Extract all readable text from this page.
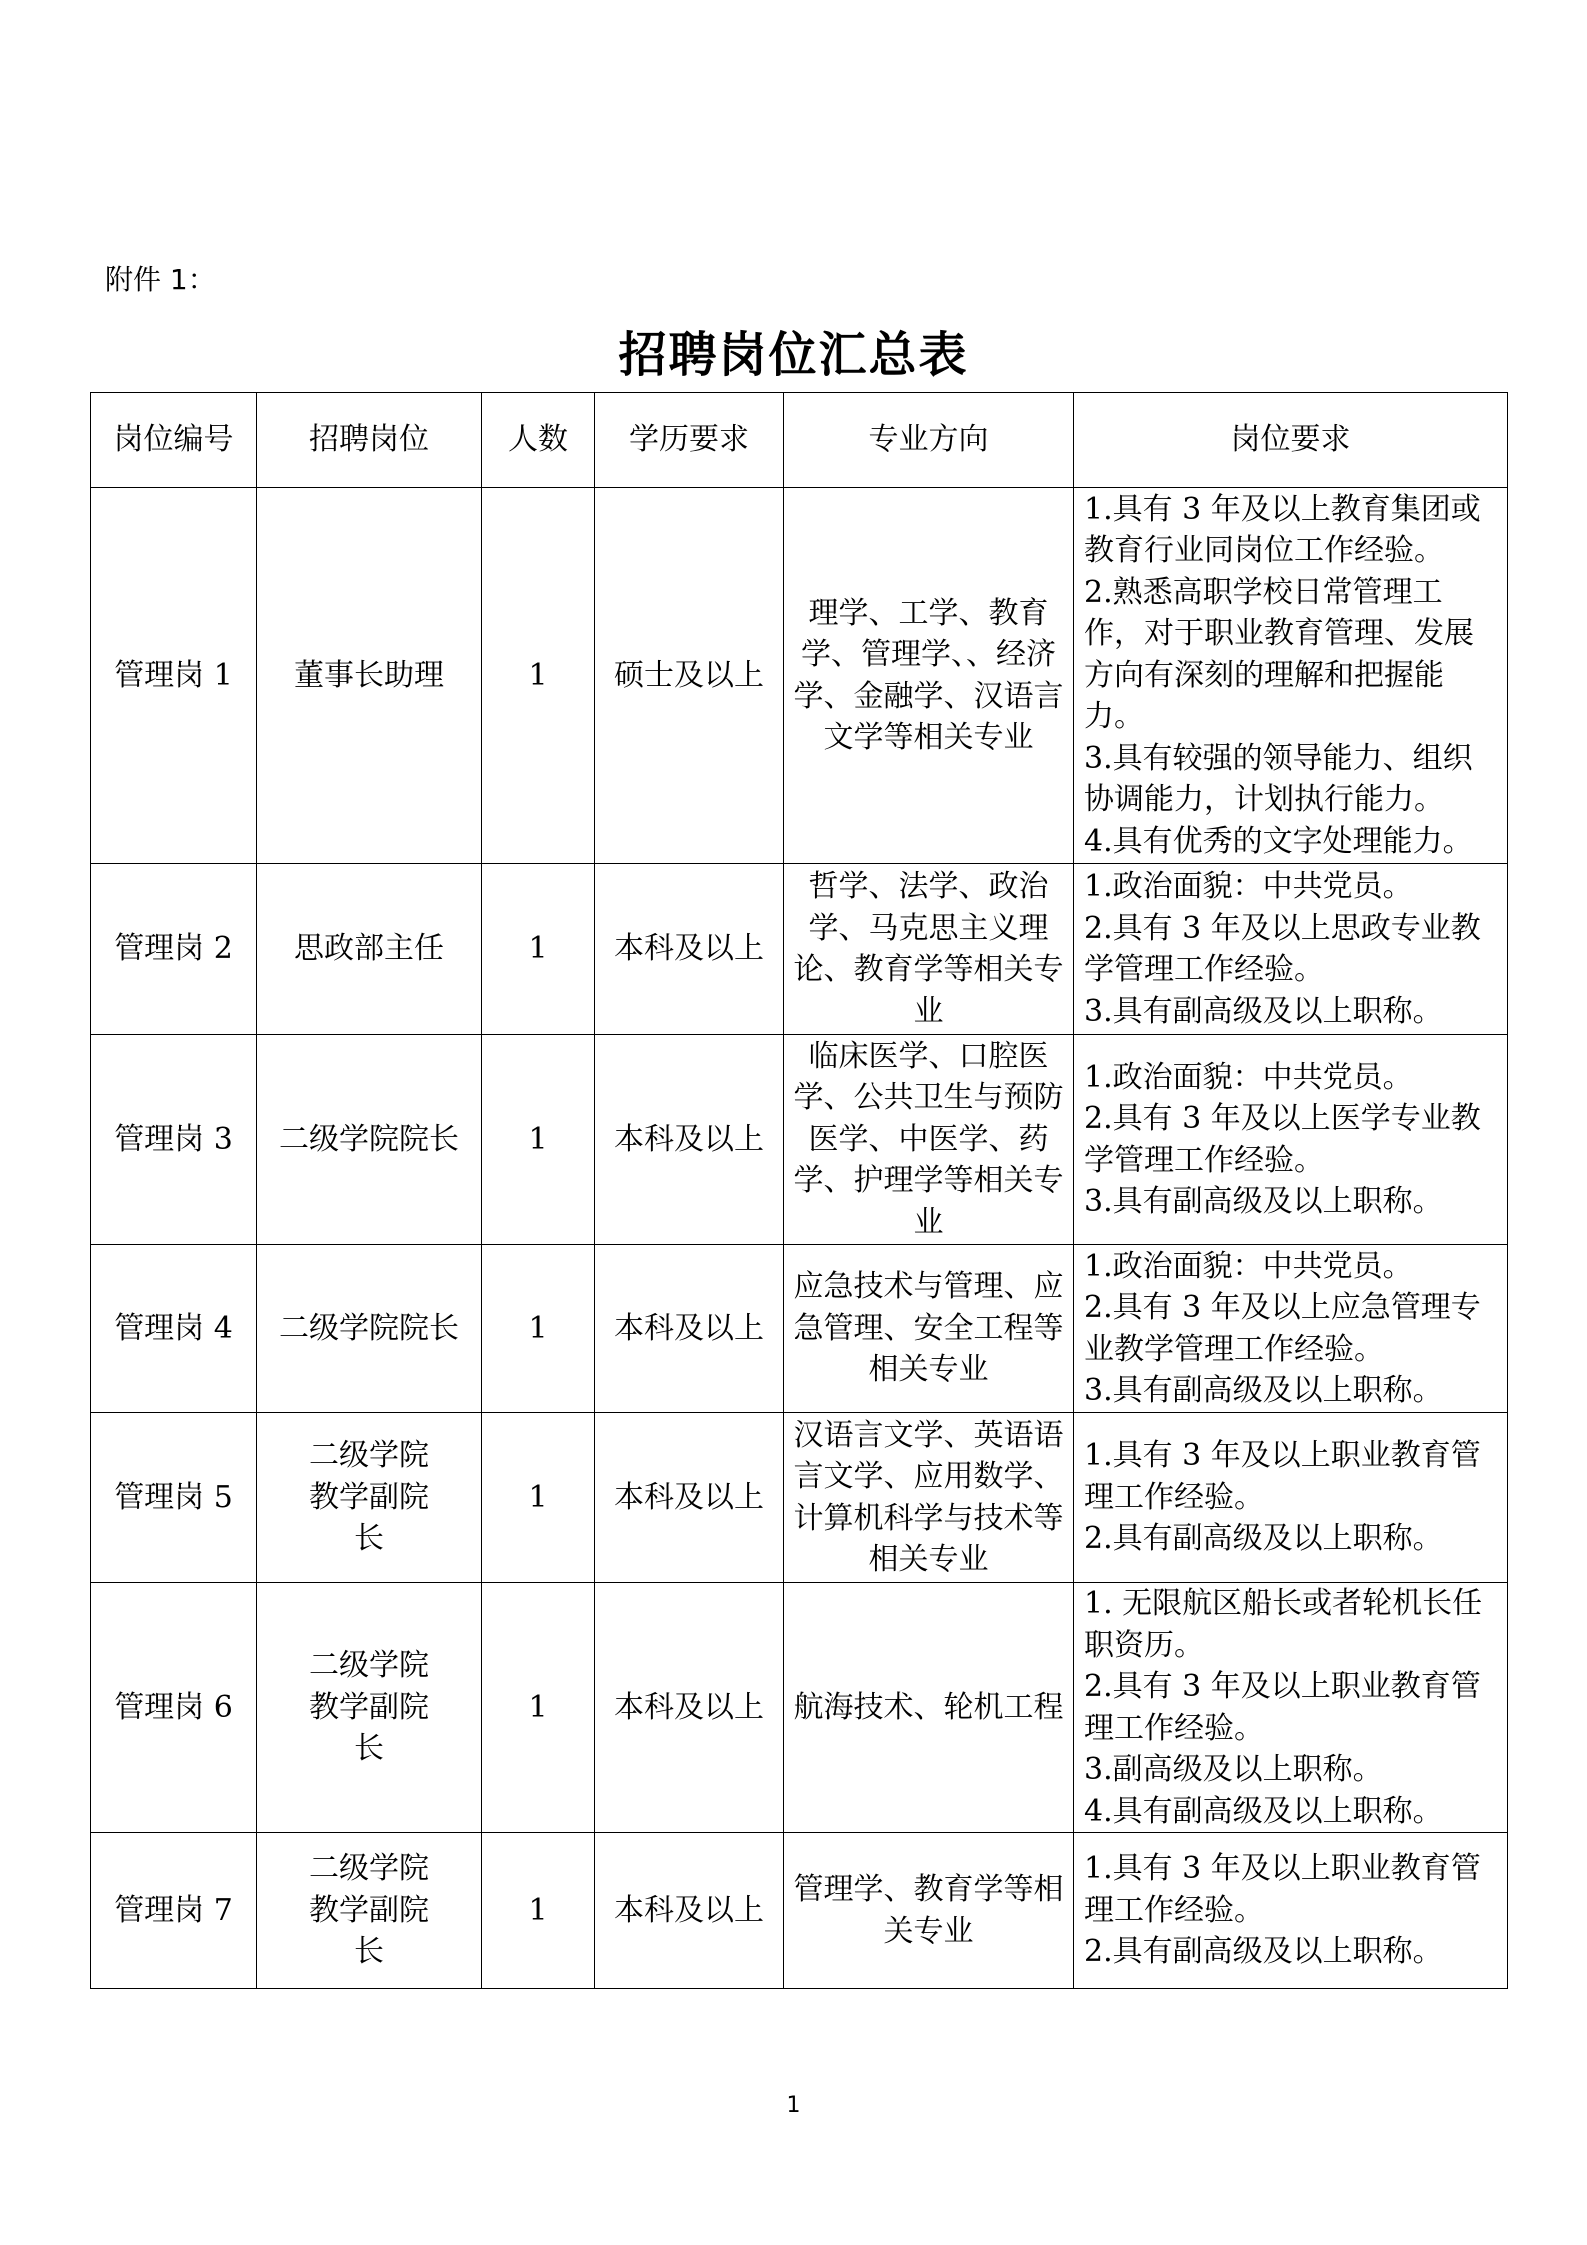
附件 1：
招聘岗位汇总表
岗位编号	招聘岗位	人数	学历要求	专业方向	岗位要求
管理岗 1	董事长助理	1	硕士及以上	理学、工学、教育学、管理学、、经济学、金融学、汉语言文学等相关专业	1.具有 3 年及以上教育集团或教育行业同岗位工作经验。
2.熟悉高职学校日常管理工作，对于职业教育管理、发展方向有深刻的理解和把握能力。
3.具有较强的领导能力、组织协调能力，计划执行能力。
4.具有优秀的文字处理能力。

管理岗 2	思政部主任	1	本科及以上	哲学、法学、政治学、马克思主义理论、教育学等相关专业	1.政治面貌：中共党员。
2.具有 3 年及以上思政专业教学管理工作经验。
3.具有副高级及以上职称。

管理岗 3	二级学院院长	1	本科及以上	临床医学、口腔医学、公共卫生与预防医学、中医学、药学、护理学等相关专业	1.政治面貌：中共党员。
2.具有 3 年及以上医学专业教学管理工作经验。
3.具有副高级及以上职称。

管理岗 4	二级学院院长	1	本科及以上	应急技术与管理、应急管理、安全工程等相关专业	1.政治面貌：中共党员。
2.具有 3 年及以上应急管理专业教学管理工作经验。
3.具有副高级及以上职称。

管理岗 5	二级学院教学副院长	1	本科及以上	汉语言文学、英语语言文学、应用数学、计算机科学与技术等相关专业	1.具有 3 年及以上职业教育管理工作经验。
2.具有副高级及以上职称。

管理岗 6	二级学院教学副院长	1	本科及以上	航海技术、轮机工程	1. 无限航区船长或者轮机长任职资历。
2.具有 3 年及以上职业教育管理工作经验。
3.副高级及以上职称。
4.具有副高级及以上职称。

管理岗 7	二级学院教学副院长	1	本科及以上	管理学、教育学等相关专业	1.具有 3 年及以上职业教育管理工作经验。
2.具有副高级及以上职称。
1
